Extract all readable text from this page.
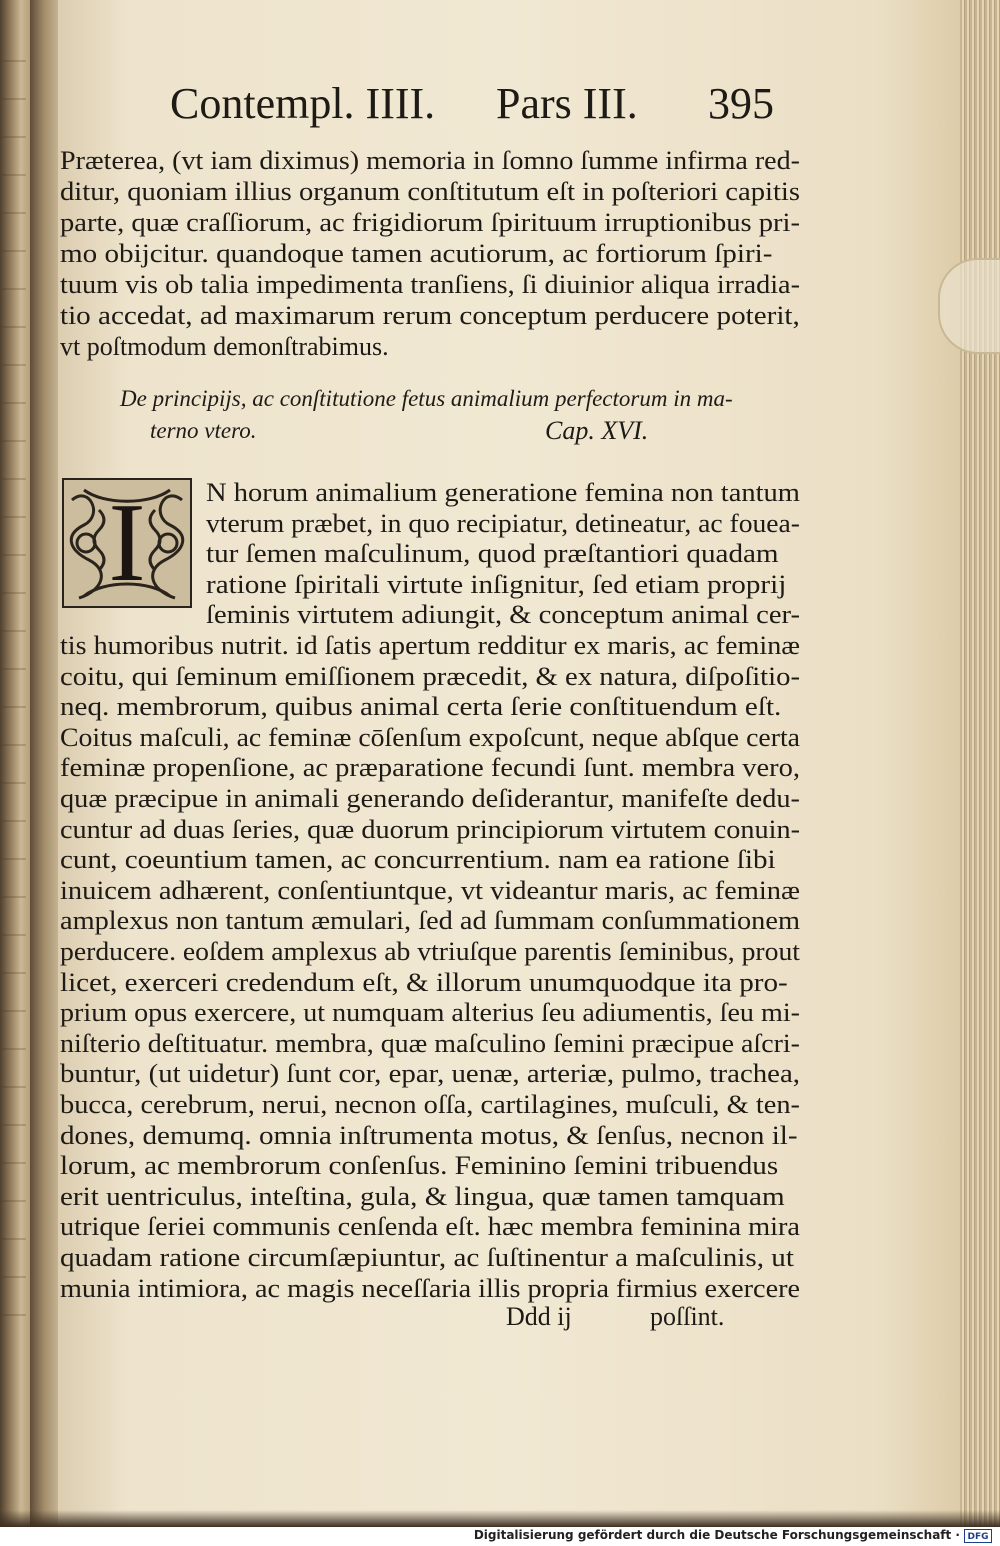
Contempl. IIII. Pars III. 395
Præterea, (vt iam diximus) memoria in ſomno ſumme infirma red-
ditur, quoniam illius organum conſtitutum eſt in poſteriori capitis
parte, quæ craſſiorum, ac frigidiorum ſpirituum irruptionibus pri-
mo obijcitur. quandoque tamen acutiorum, ac fortiorum ſpiri-
tuum vis ob talia impedimenta tranſiens, ſi diuinior aliqua irradia-
tio accedat, ad maximarum rerum conceptum perducere poterit,
vt poſtmodum demonſtrabimus.
De principijs, ac conſtitutione fetus animalium perfectorum in ma-
terno vtero.	Cap. XVI.
N horum animalium generatione femina non tantum
vterum præbet, in quo recipiatur, detineatur, ac fouea-
tur ſemen maſculinum, quod præſtantiori quadam
ratione ſpiritali virtute inſignitur, ſed etiam proprij
ſeminis virtutem adiungit, & conceptum animal cer-
tis humoribus nutrit. id ſatis apertum redditur ex maris, ac feminæ
coitu, qui ſeminum emiſſionem præcedit, & ex natura, diſpoſitio-
neq. membrorum, quibus animal certa ſerie conſtituendum eſt.
Coitus maſculi, ac feminæ cōſenſum expoſcunt, neque abſque certa
feminæ propenſione, ac præparatione fecundi ſunt. membra vero,
quæ præcipue in animali generando deſiderantur, manifeſte dedu-
cuntur ad duas ſeries, quæ duorum principiorum virtutem conuin-
cunt, coeuntium tamen, ac concurrentium. nam ea ratione ſibi
inuicem adhærent, conſentiuntque, vt videantur maris, ac feminæ
amplexus non tantum æmulari, ſed ad ſummam conſummationem
perducere. eoſdem amplexus ab vtriuſque parentis ſeminibus, prout
licet, exerceri credendum eſt, & illorum unumquodque ita pro-
prium opus exercere, ut numquam alterius ſeu adiumentis, ſeu mi-
niſterio deſtituatur. membra, quæ maſculino ſemini præcipue aſcri-
buntur, (ut uidetur) ſunt cor, epar, uenæ, arteriæ, pulmo, trachea,
bucca, cerebrum, nerui, necnon oſſa, cartilagines, muſculi, & ten-
dones, demumq. omnia inſtrumenta motus, & ſenſus, necnon il-
lorum, ac membrorum conſenſus. Feminino ſemini tribuendus
erit uentriculus, inteſtina, gula, & lingua, quæ tamen tamquam
utrique ſeriei communis cenſenda eſt. hæc membra feminina mira
quadam ratione circumſæpiuntur, ac ſuſtinentur a maſculinis, ut
munia intimiora, ac magis neceſſaria illis propria firmius exercere
I
Ddd ij	poſſint.
Digitalisierung gefördert durch die Deutsche Forschungsgemeinschaft · DFG
